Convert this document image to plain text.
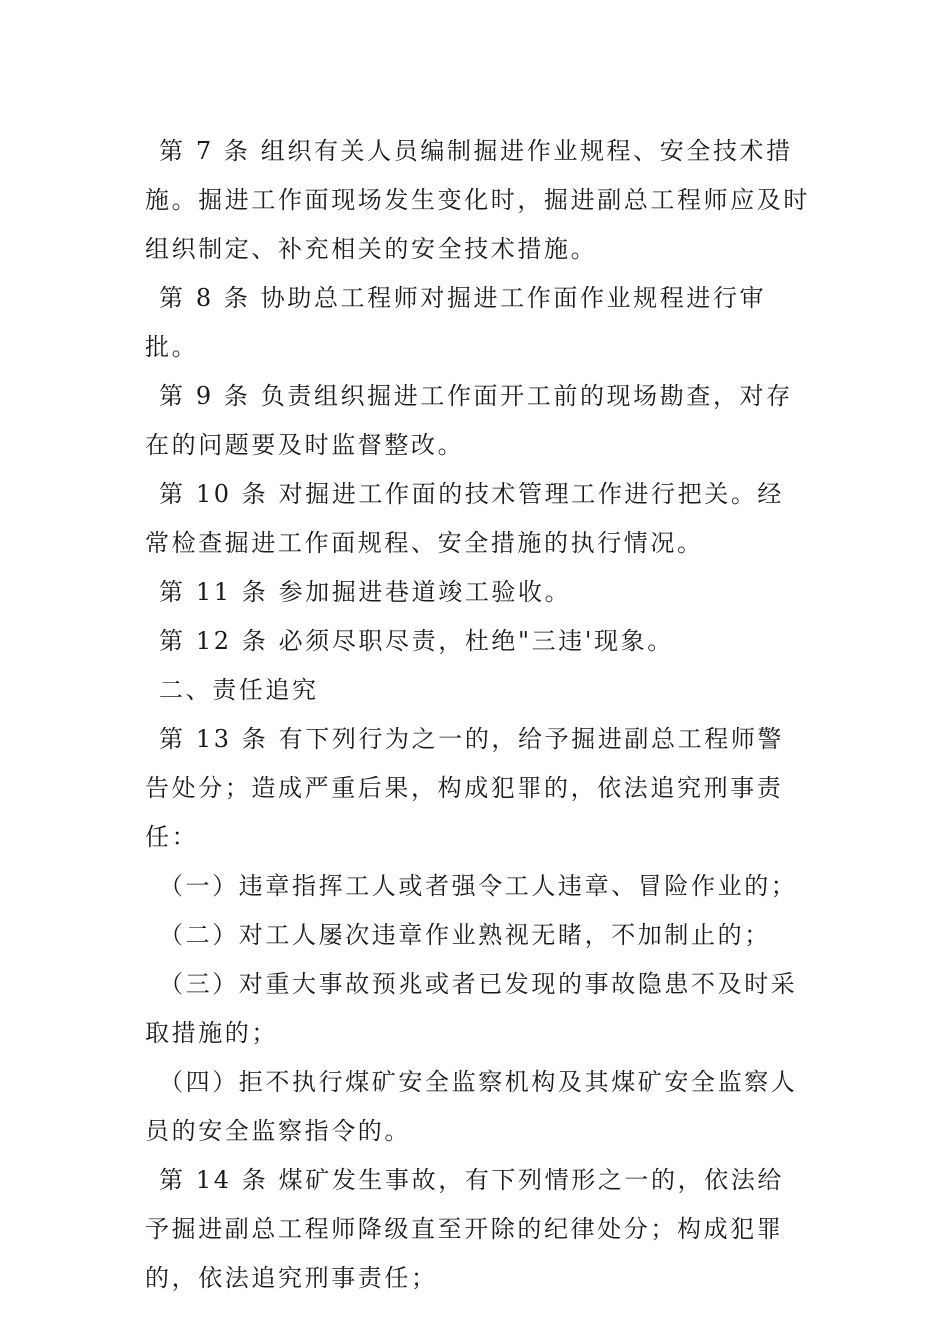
第 7 条 组织有关人员编制掘进作业规程、安全技术措施。掘进工作面现场发生变化时，掘进副总工程师应及时组织制定、补充相关的安全技术措施。

第 8 条 协助总工程师对掘进工作面作业规程进行审批。

第 9 条 负责组织掘进工作面开工前的现场勘查，对存在的问题要及时监督整改。

第 10 条 对掘进工作面的技术管理工作进行把关。经常检查掘进工作面规程、安全措施的执行情况。

第 11 条 参加掘进巷道竣工验收。

第 12 条 必须尽职尽责，杜绝"三违'现象。

二、责任追究

第 13 条 有下列行为之一的，给予掘进副总工程师警告处分；造成严重后果，构成犯罪的，依法追究刑事责任：

（一）违章指挥工人或者强令工人违章、冒险作业的；

（二）对工人屡次违章作业熟视无睹，不加制止的；

（三）对重大事故预兆或者已发现的事故隐患不及时采取措施的；

（四）拒不执行煤矿安全监察机构及其煤矿安全监察人员的安全监察指令的。

第 14 条 煤矿发生事故，有下列情形之一的，依法给予掘进副总工程师降级直至开除的纪律处分；构成犯罪的，依法追究刑事责任；
